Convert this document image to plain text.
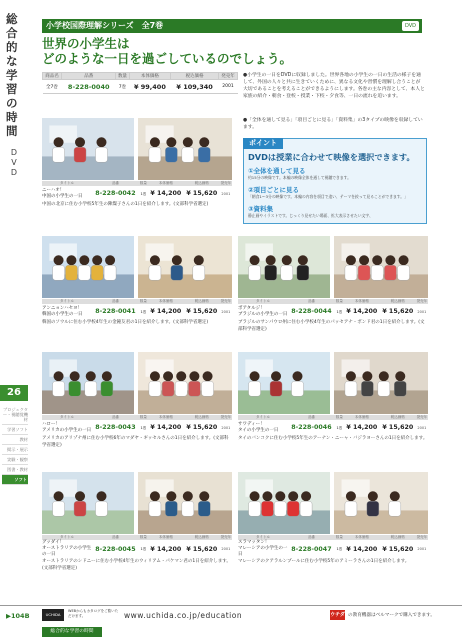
総
合
的
な
学
習
の
時
間
D
V
D
26
プロジェクター・視聴覚機材
学習ソフト
教材
掲示・展示
実験・観察
図書・教材
ソフト
小学校国際理解シリーズ　全7巻	DVD
世界の小学生は
どのような一日を過ごしているのでしょう。
商品名	品番	数量	本体価格	税込価格	発売年
全7巻	8-228-0040	7巻	¥ 99,400	¥ 109,340	2001
●小学生の一日をDVDに収録しました。世界各地の小学生の一日の生活の様子を通して、外国の人々と共に生きていくために、異なる文化や習慣を理解し合うことが大切であることを考えることができるようにします。各巻の主な内容として、本人と家族の紹介・朝食・登校・授業・下校・夕食等、一日の流れを追います。
●「全体を通して見る」「項目ごとに見る」「資料集」の3タイプの映像を収録しています。
ポイント
DVDは授業に合わせて映像を選択できます。
①全体を通して見る
約15分の映像です。本編の映像全体を通して視聴できます。
②項目ごとに見る
「朝食1〜3分の映像です。本編の内容を項目で追い、テーマを絞って見ることができます。」
③資料集
静止画やイラストです。じっくり見せたい場面、拡大表示させたい文字、
タイトル	品番	数量	本体価格	税込価格	発売年

ニーハオ！
中国の小学生の一日	8-228-0042	1巻	¥ 14,200	¥ 15,620	2001
中国の北京に住む小学校5年生の陳燦子さんの1日を紹介します。(文部科学省選定)
タイトル	品番	数量	本体価格	税込価格	発売年

ボアタルジ！
ブラジルの小学生の一日	8-228-0044	1巻	¥ 14,200	¥ 15,620	2001
ブラジルのサンパウロ州に住む小学校4年生のパッセアナ・ボンド君の1日を紹介します。(文部科学省選定)
タイトル	品番	数量	本体価格	税込価格	発売年

アンニョンハセヨ！
韓国の小学生の一日	8-228-0041	1巻	¥ 14,200	¥ 15,620	2001
韓国のソウルに住む小学校4年生の金鐘友君の1日を紹介します。(文部科学省選定)
タイトル	品番	数量	本体価格	税込価格	発売年

サワディー！
タイの小学生の一日	8-228-0046	1巻	¥ 14,200	¥ 15,620	2001
タイのバンコクに住む小学校5年生のアーナン・ニーャ・バジラヨーさんの1日を紹介します。
タイトル	品番	数量	本体価格	税込価格	発売年

ハロー！
アメリカの小学生の一日	8-228-0043	1巻	¥ 14,200	¥ 15,620	2001
アメリカのアリゾナ州に住む小学校6年のマダヤ・ギッセルさんの1日を紹介します。(文部科学省選定)
タイトル	品番	数量	本体価格	税込価格	発売年

スラマッタン！
マレーシアの小学生の一日	8-228-0047	1巻	¥ 14,200	¥ 15,620	2001
マレーシアのクアラルンプールに住む小学校5年のアミーラさんの1日を紹介します。
タイトル	品番	数量	本体価格	税込価格	発売年

グッダイ！
オーストラリアの小学生の一日	8-228-0045	1巻	¥ 14,200	¥ 15,620	2001
オーストラリアのシドニーに住む小学校4年生のウィリアム・パケマン君の1日を紹介します。(文部科学省選定)
▶104B	UCHIDA
WEBからもカタログをご覧いただけます。	www.uchida.co.jp/education	ウチダ の教育機器はベルマークで購入できます。
総合的な学習の時間
